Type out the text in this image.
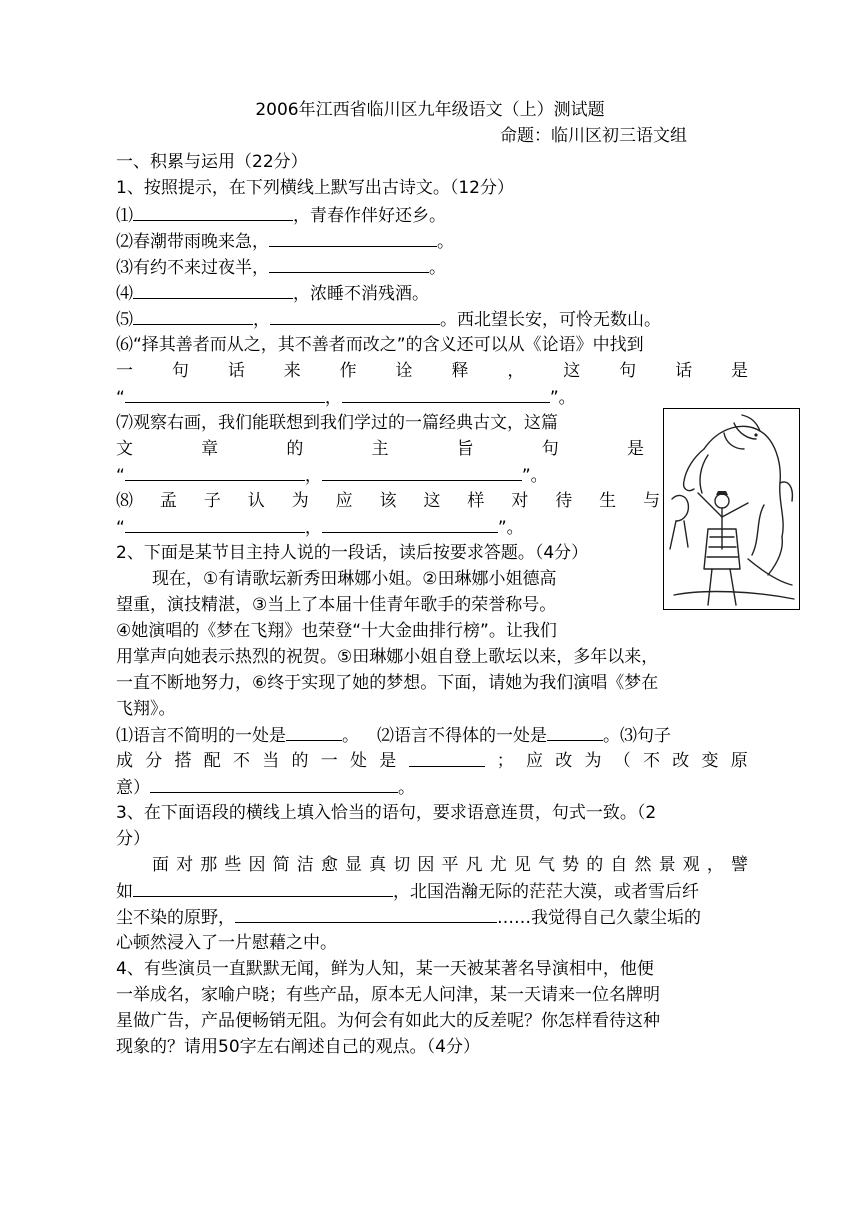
2006年江西省临川区九年级语文（上）测试题
命题：临川区初三语文组
一、积累与运用（22分）
1、按照提示，在下列横线上默写出古诗文。（12分）
⑴	，青春作伴好还乡。
⑵春潮带雨晚来急，	。
⑶有约不来过夜半，	。
⑷	，浓睡不消残酒。
⑸	，	。西北望长安，可怜无数山。
⑹“择其善者而从之，其不善者而改之”的含义还可以从《论语》中找到
一 句 话 来 作 诠 释 ， 这 句 话 是
“	，	”。
⑺观察右画，我们能联想到我们学过的一篇经典古文，这篇
文	章	的	主	旨	句	是
“	，	”。
⑻ 孟 子 认 为 应 该 这 样 对 待 生 与
“	，	”。
2、下面是某节目主持人说的一段话，读后按要求答题。（4分）
现在，①有请歌坛新秀田琳娜小姐。②田琳娜小姐德高
望重，演技精湛，③当上了本届十佳青年歌手的荣誉称号。
④她演唱的《梦在飞翔》也荣登“十大金曲排行榜”。让我们
用掌声向她表示热烈的祝贺。⑤田琳娜小姐自登上歌坛以来，多年以来，
一直不断地努力，⑥终于实现了她的梦想。下面，请她为我们演唱《梦在
飞翔》。
⑴语言不简明的一处是	。 ⑵语言不得体的一处是	。⑶句子
成 分 搭 配 不 当 的 一 处 是	； 应 改 为 （ 不 改 变 原
意）	。
3、在下面语段的横线上填入恰当的语句，要求语意连贯，句式一致。（2
分）
面 对 那 些 因 简 洁 愈 显 真 切 因 平 凡 尤 见 气 势 的 自 然 景 观 ， 譬
如	，北国浩瀚无际的茫茫大漠，或者雪后纤
尘不染的原野，	……我觉得自己久蒙尘垢的
心顿然浸入了一片慰藉之中。
4、有些演员一直默默无闻，鲜为人知，某一天被某著名导演相中，他便
一举成名，家喻户晓；有些产品，原本无人问津，某一天请来一位名牌明
星做广告，产品便畅销无阻。为何会有如此大的反差呢？你怎样看待这种
现象的？请用50字左右阐述自己的观点。（4分）
